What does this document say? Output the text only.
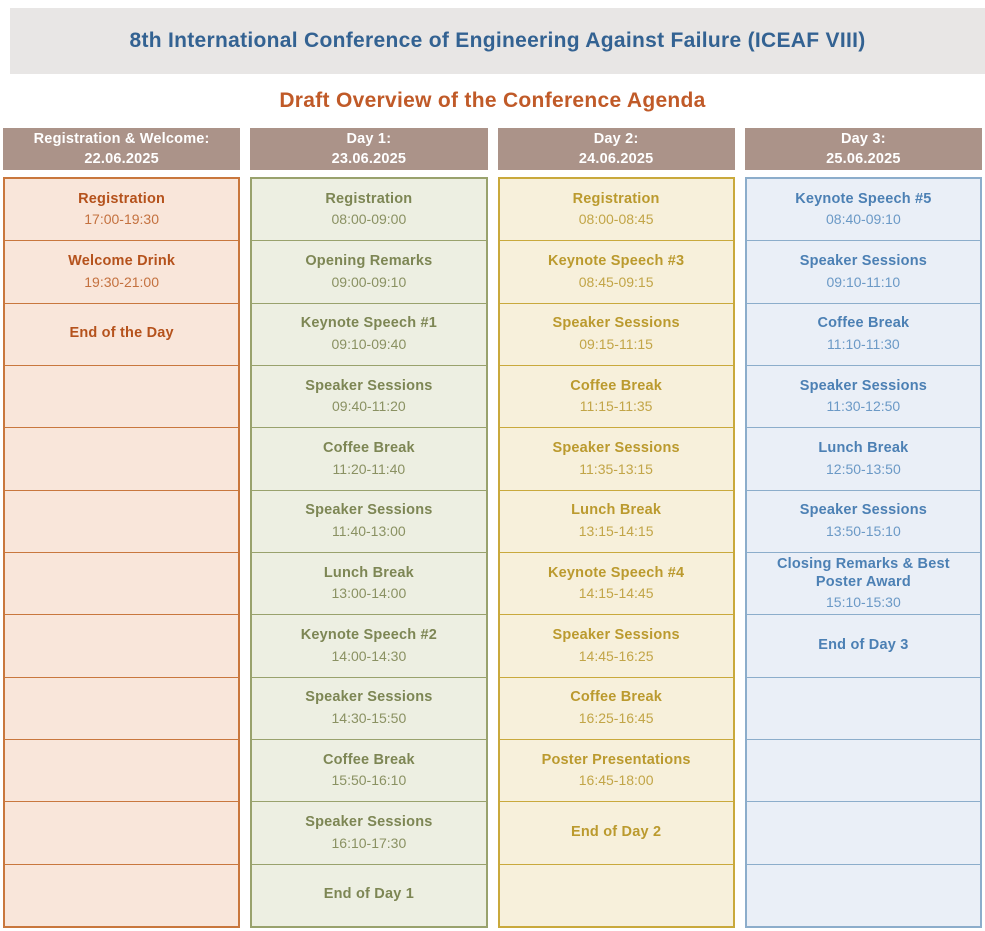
8th International Conference of Engineering Against Failure (ICEAF VIII)
Draft Overview of the Conference Agenda
Registration & Welcome:
22.06.2025
Registration
17:00-19:30
Welcome Drink
19:30-21:00
End of the Day
Day 1:
23.06.2025
Registration
08:00-09:00
Opening Remarks
09:00-09:10
Keynote Speech #1
09:10-09:40
Speaker Sessions
09:40-11:20
Coffee Break
11:20-11:40
Speaker Sessions
11:40-13:00
Lunch Break
13:00-14:00
Keynote Speech #2
14:00-14:30
Speaker Sessions
14:30-15:50
Coffee Break
15:50-16:10
Speaker Sessions
16:10-17:30
End of Day 1
Day 2:
24.06.2025
Registration
08:00-08:45
Keynote Speech #3
08:45-09:15
Speaker Sessions
09:15-11:15
Coffee Break
11:15-11:35
Speaker Sessions
11:35-13:15
Lunch Break
13:15-14:15
Keynote Speech #4
14:15-14:45
Speaker Sessions
14:45-16:25
Coffee Break
16:25-16:45
Poster Presentations
16:45-18:00
End of Day 2
Day 3:
25.06.2025
Keynote Speech #5
08:40-09:10
Speaker Sessions
09:10-11:10
Coffee Break
11:10-11:30
Speaker Sessions
11:30-12:50
Lunch Break
12:50-13:50
Speaker Sessions
13:50-15:10
Closing Remarks & Best Poster Award
15:10-15:30
End of Day 3
